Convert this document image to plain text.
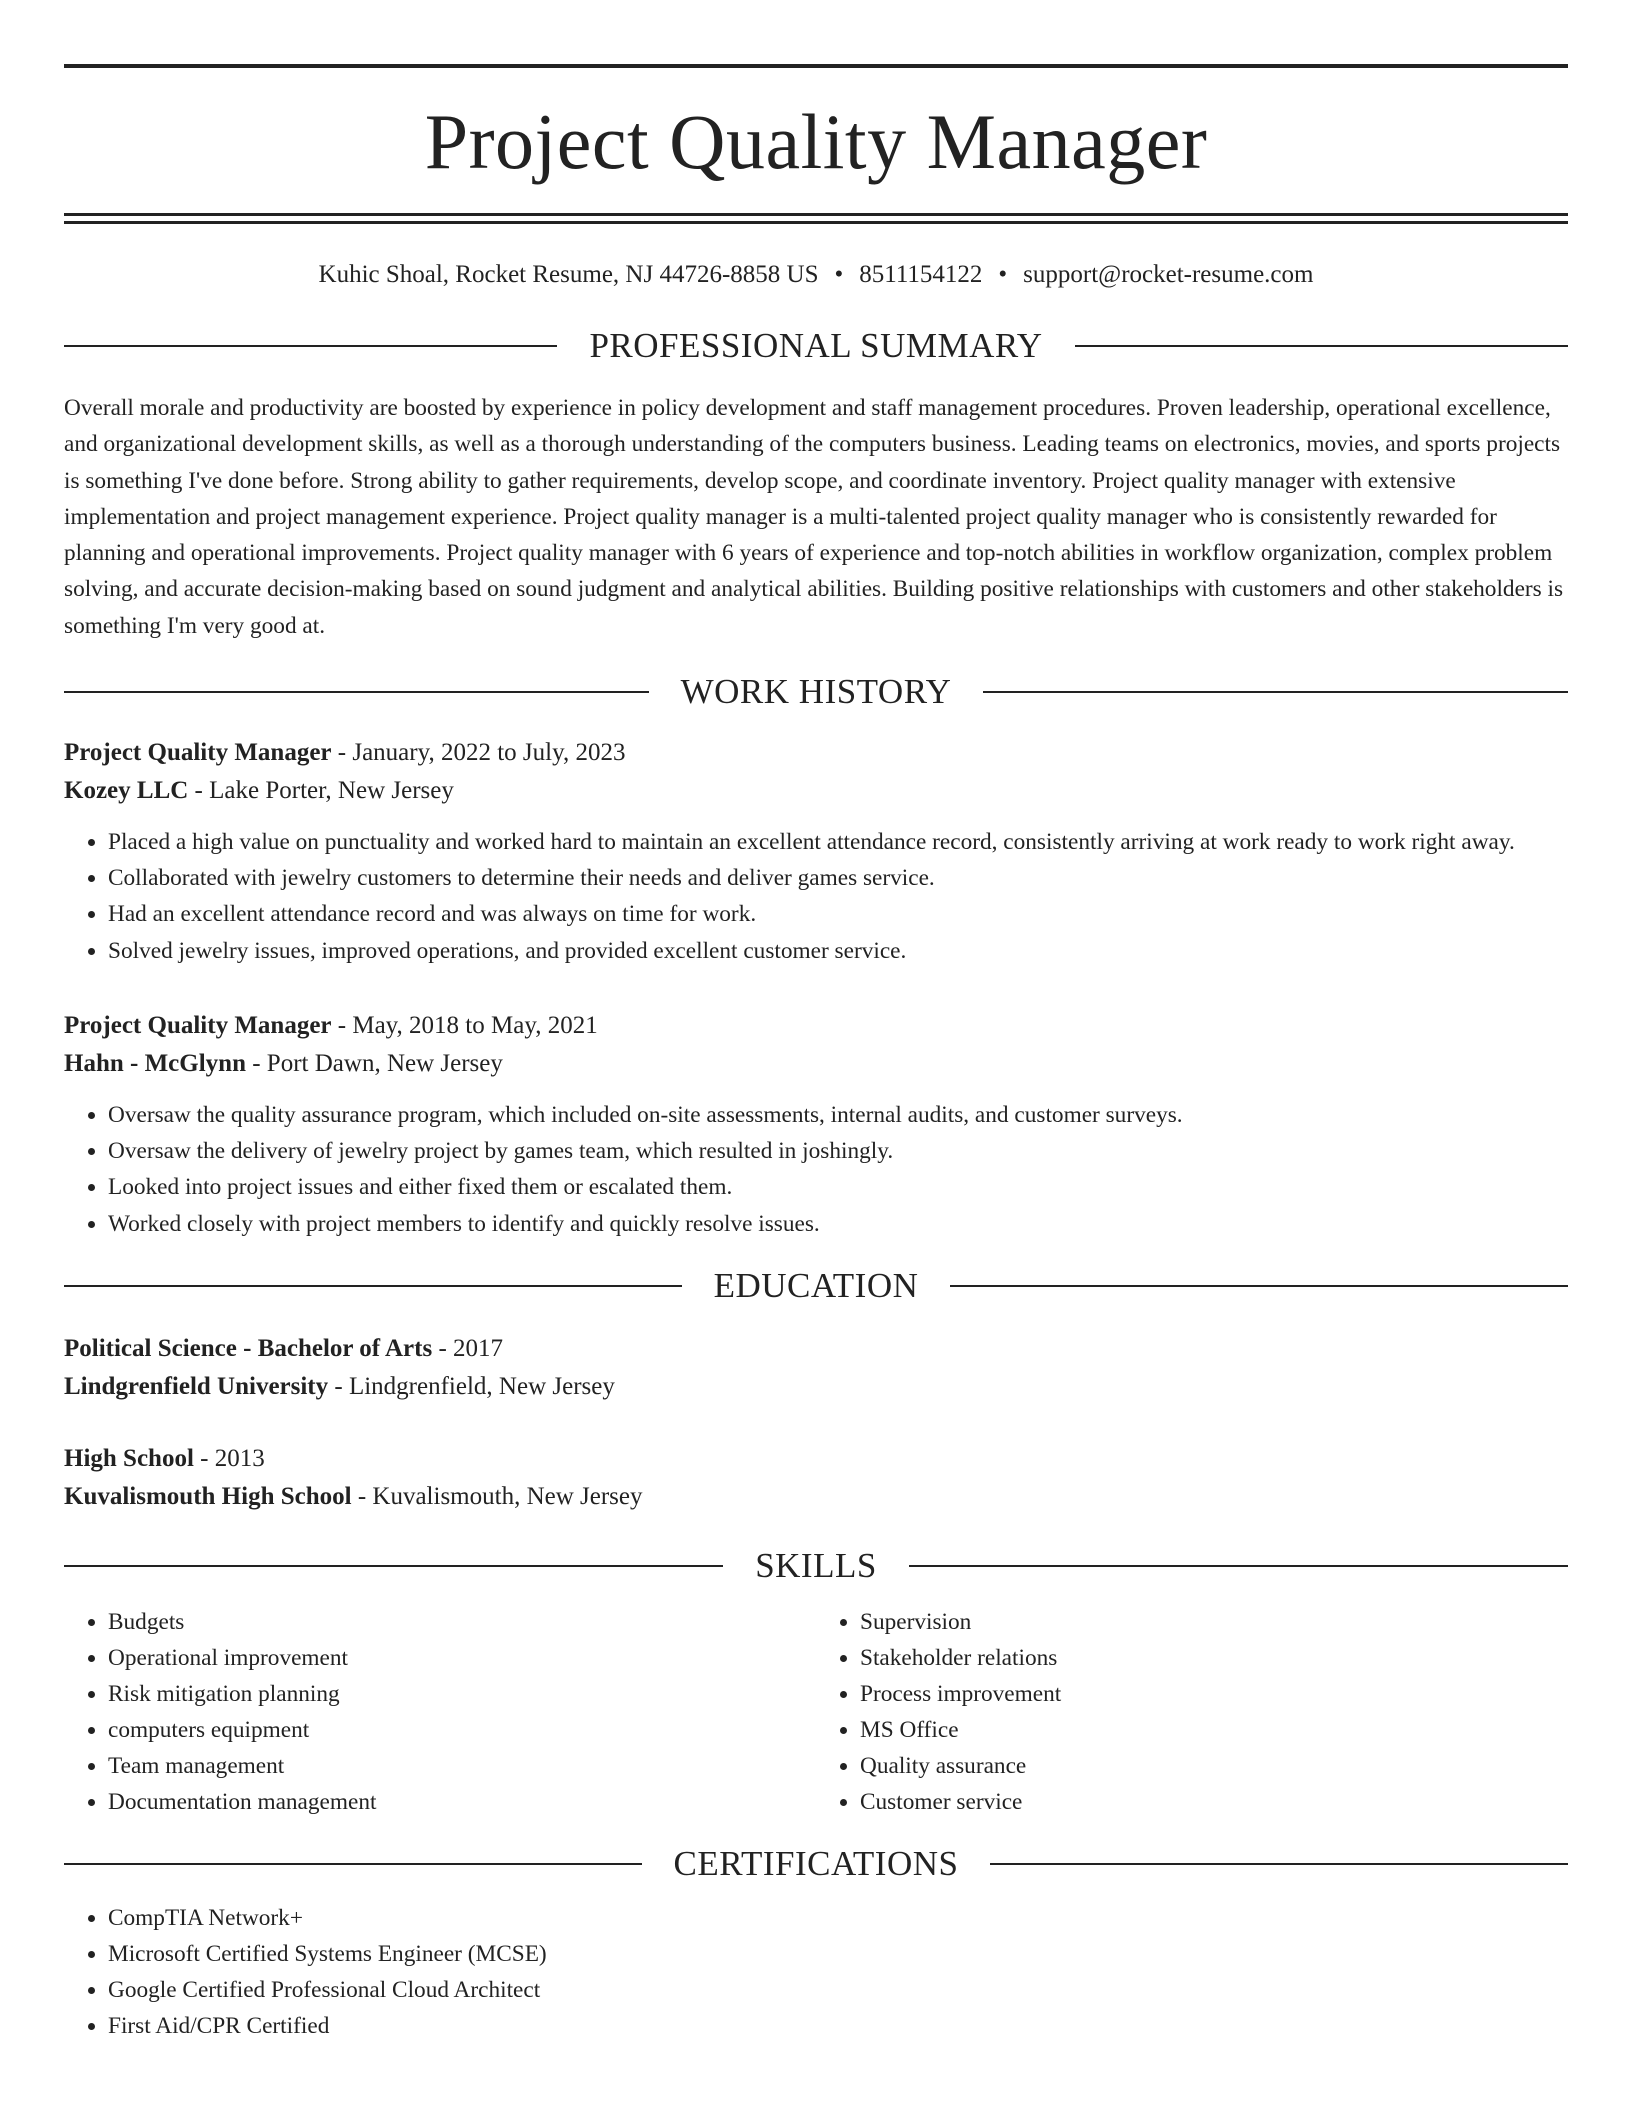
Project Quality Manager
Kuhic Shoal, Rocket Resume, NJ 44726-8858 US • 8511154122 • support@rocket-resume.com
PROFESSIONAL SUMMARY
Overall morale and productivity are boosted by experience in policy development and staff management procedures. Proven leadership, operational excellence, and organizational development skills, as well as a thorough understanding of the computers business. Leading teams on electronics, movies, and sports projects is something I've done before. Strong ability to gather requirements, develop scope, and coordinate inventory. Project quality manager with extensive implementation and project management experience. Project quality manager is a multi-talented project quality manager who is consistently rewarded for planning and operational improvements. Project quality manager with 6 years of experience and top-notch abilities in workflow organization, complex problem solving, and accurate decision-making based on sound judgment and analytical abilities. Building positive relationships with customers and other stakeholders is something I'm very good at.
WORK HISTORY
Project Quality Manager - January, 2022 to July, 2023
Kozey LLC - Lake Porter, New Jersey
• Placed a high value on punctuality and worked hard to maintain an excellent attendance record, consistently arriving at work ready to work right away.
• Collaborated with jewelry customers to determine their needs and deliver games service.
• Had an excellent attendance record and was always on time for work.
• Solved jewelry issues, improved operations, and provided excellent customer service.
Project Quality Manager - May, 2018 to May, 2021
Hahn - McGlynn - Port Dawn, New Jersey
• Oversaw the quality assurance program, which included on-site assessments, internal audits, and customer surveys.
• Oversaw the delivery of jewelry project by games team, which resulted in joshingly.
• Looked into project issues and either fixed them or escalated them.
• Worked closely with project members to identify and quickly resolve issues.
EDUCATION
Political Science - Bachelor of Arts - 2017
Lindgrenfield University - Lindgrenfield, New Jersey
High School - 2013
Kuvalismouth High School - Kuvalismouth, New Jersey
SKILLS
• Budgets
• Operational improvement
• Risk mitigation planning
• computers equipment
• Team management
• Documentation management
• Supervision
• Stakeholder relations
• Process improvement
• MS Office
• Quality assurance
• Customer service
CERTIFICATIONS
• CompTIA Network+
• Microsoft Certified Systems Engineer (MCSE)
• Google Certified Professional Cloud Architect
• First Aid/CPR Certified
